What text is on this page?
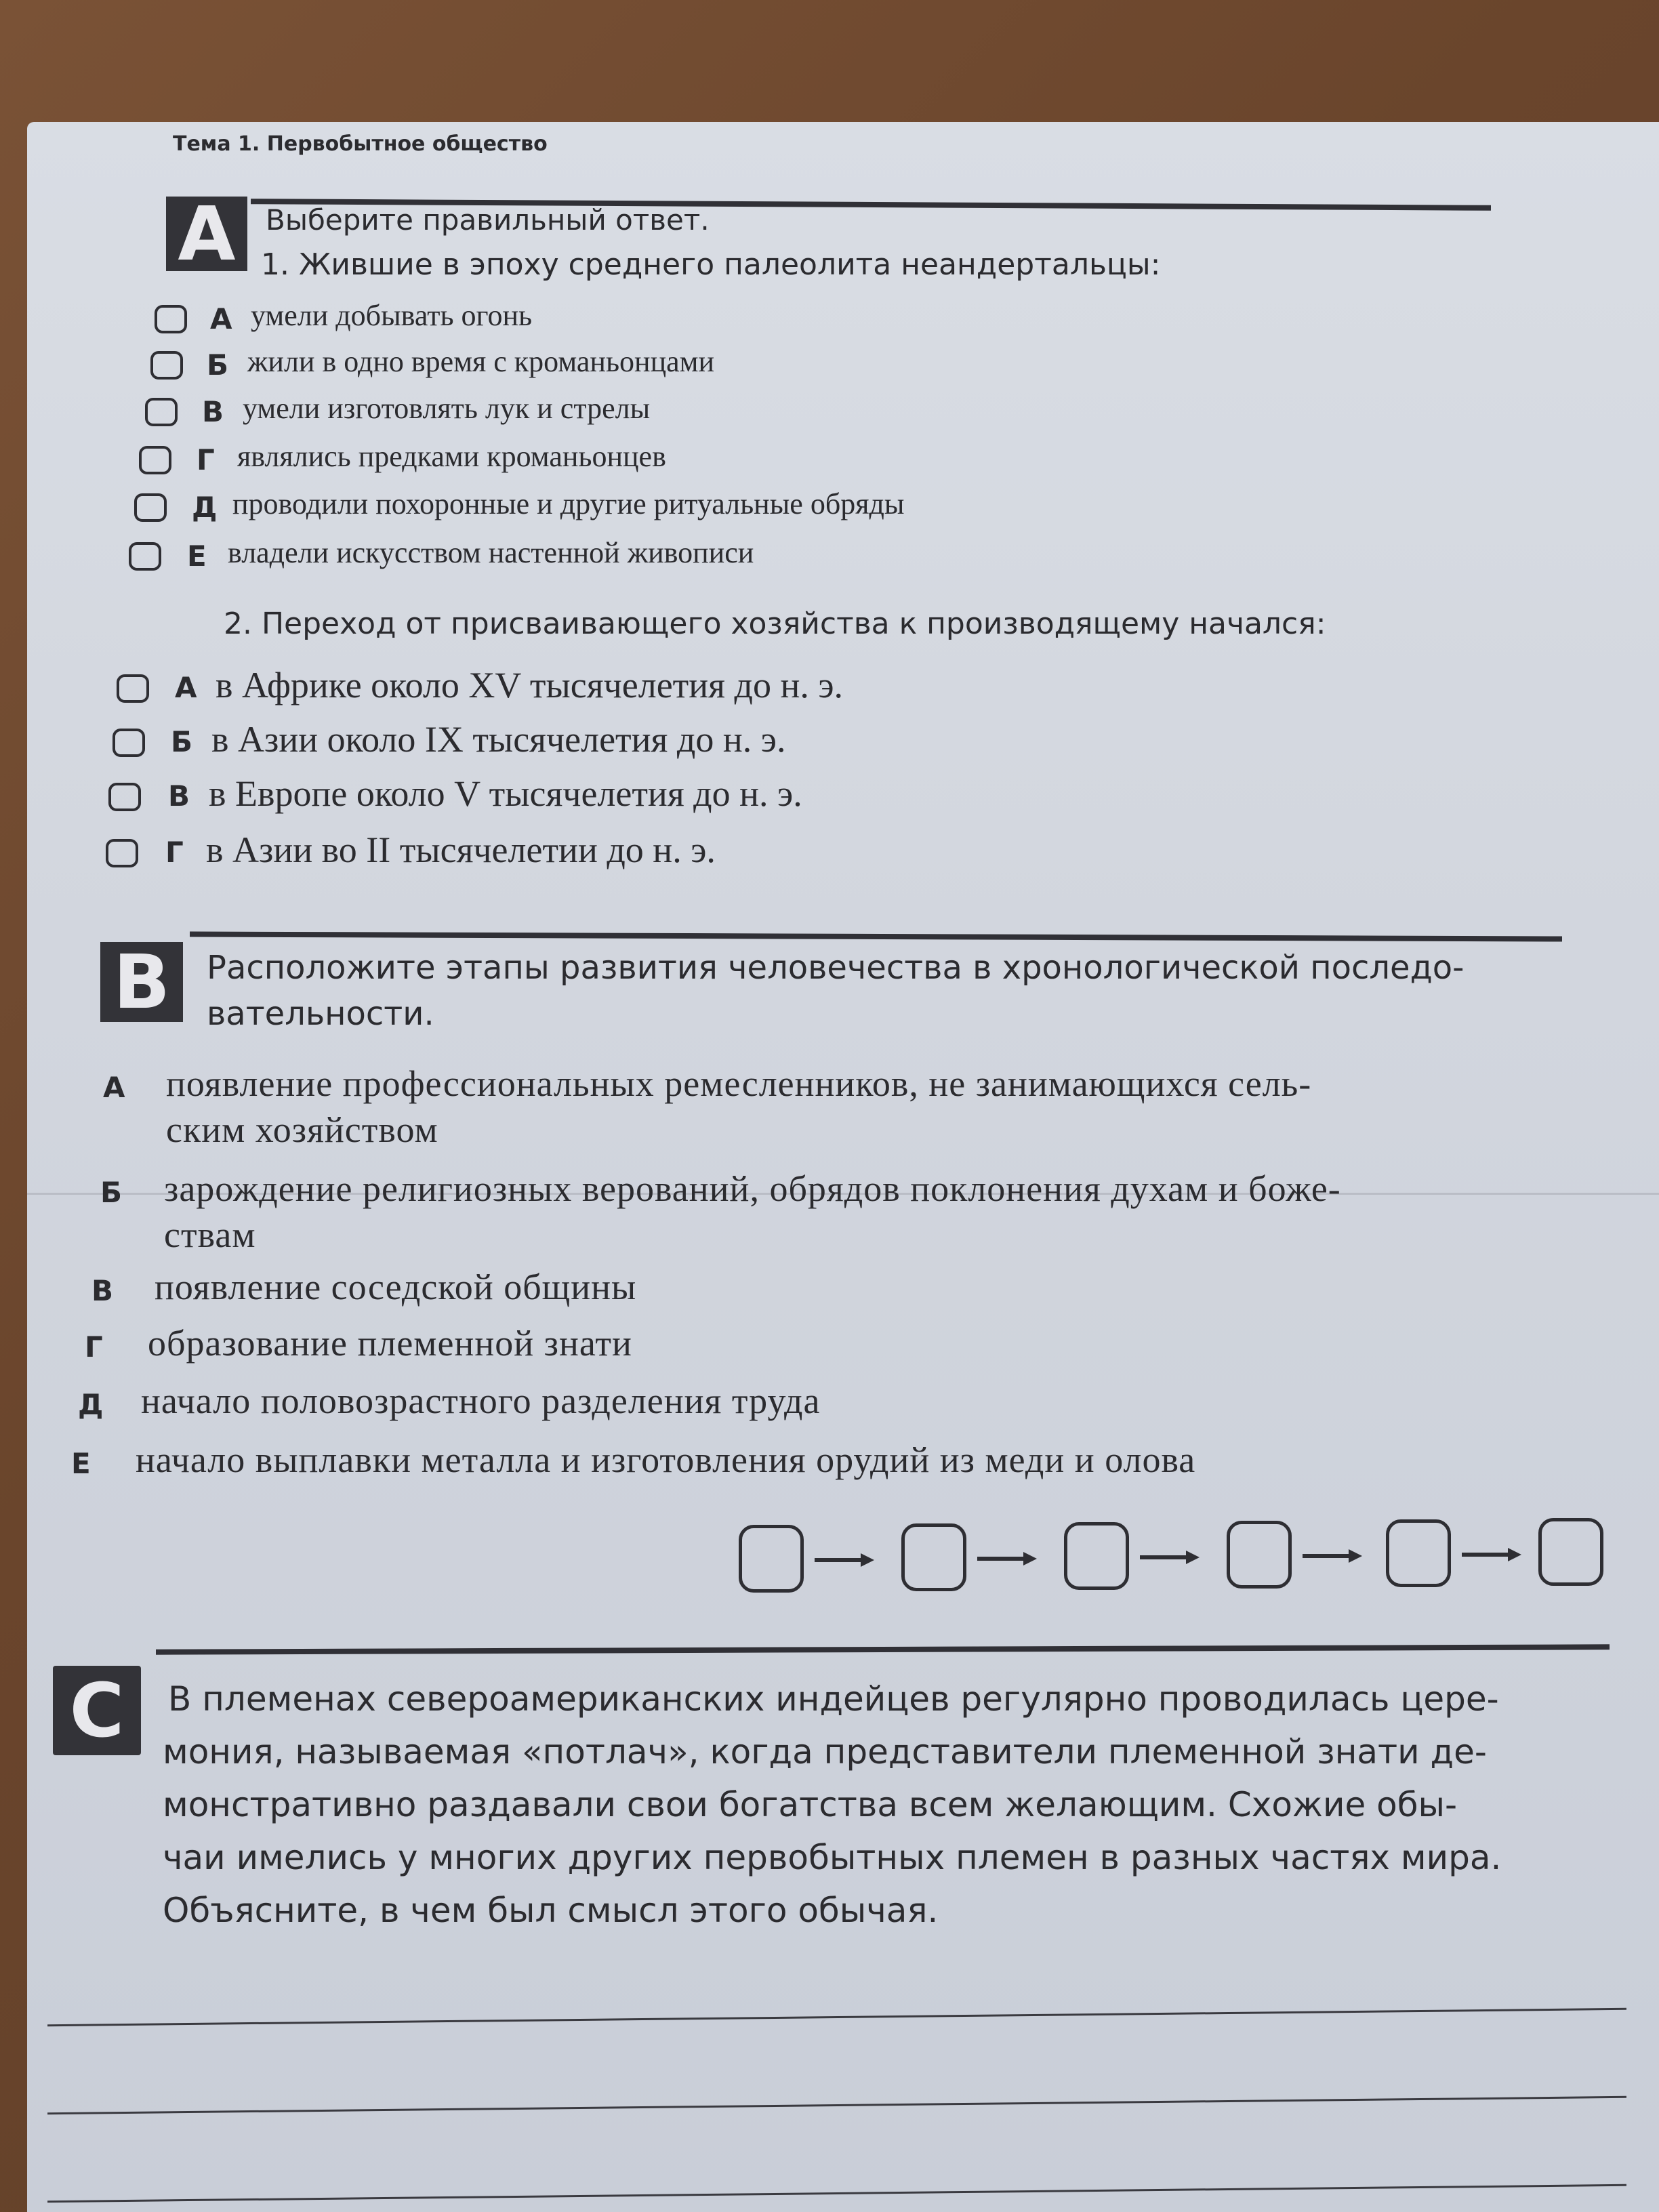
Тема 1. Первобытное общество
A	Выберите правильный ответ.
1. Жившие в эпоху среднего палеолита неандертальцы:
А умели добывать огонь
Б жили в одно время с кроманьонцами
В умели изготовлять лук и стрелы
Г являлись предками кроманьонцев
Д проводили похоронные и другие ритуальные обряды
Е владели искусством настенной живописи
2. Переход от присваивающего хозяйства к производящему начался:
А в Африке около XV тысячелетия до н. э.
Б в Азии около IX тысячелетия до н. э.
В в Европе около V тысячелетия до н. э.
Г в Азии во II тысячелетии до н. э.
B	Расположите этапы развития человечества в хронологической последо-
вательности.
А появление профессиональных ремесленников, не занимающихся сель-
ским хозяйством
Б зарождение религиозных верований, обрядов поклонения духам и боже-
ствам
В появление соседской общины
Г образование племенной знати
Д начало половозрастного разделения труда
Е начало выплавки металла и изготовления орудий из меди и олова
C	В племенах североамериканских индейцев регулярно проводилась цере-
мония, называемая «потлач», когда представители племенной знати де-
монстративно раздавали свои богатства всем желающим. Схожие обы-
чаи имелись у многих других первобытных племен в разных частях мира.
Объясните, в чем был смысл этого обычая.
